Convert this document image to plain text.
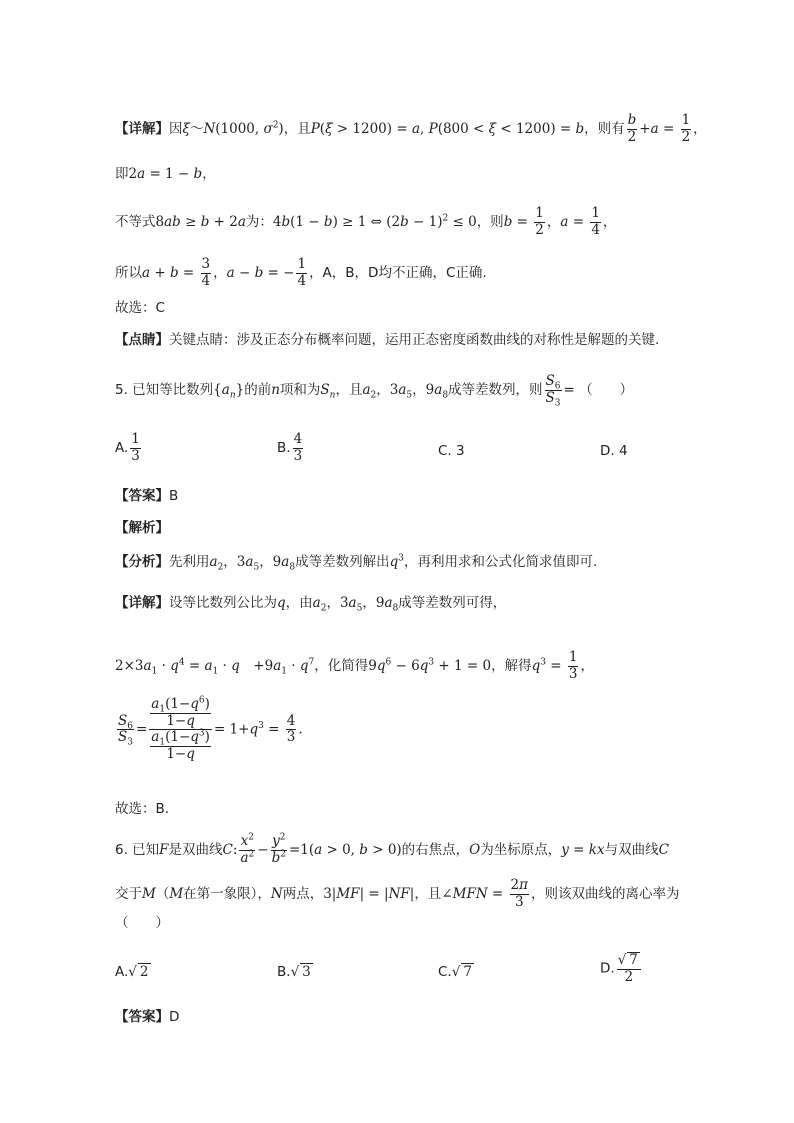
【详解】因ξ～N(1000, $\sigma^2$)，且P(ξ > 1200) = a, P(800 < ξ < 1200) = b，则有 $\frac{b}{2} +a = \frac{1}{2}$ ，
即2a = 1 − b，
不等式8ab ≥ b + 2a为：4b(1 − b) ≥ 1 ⇔ $(2b - 1)^2 \le 0$，则$b = \frac{1}{2}$ ，$a = \frac{1}{4}$ ，
所以$a + b = \frac{3}{4}$ ，a − b = − $\frac{1}{4}$ ，A，B，D均不正确，C正确.
故选：C
【点睛】关键点睛：涉及正态分布概率问题，运用正态密度函数曲线的对称性是解题的关键.
5. 已知等比数列$\{a_n\}$的前n项和为$S_n$，且$a_2$，$3a_5$，$9a_8$成等差数列，则 $\frac{S_6}{S_3}$ = （　　）
A. $\frac{1}{3}$	B. $\frac{4}{3}$	C. 3	D. 4
【答案】B
【解析】
【分析】先利用$a_2$，$3a_5$，$9a_8$成等差数列解出$q^3$，再利用求和公式化简求值即可.
【详解】设等比数列公比为q，由$a_2$，$3a_5$，$9a_8$成等差数列可得，
$2\times 3a_1 \cdot q^4 = a_1 \cdot q$　$+9a_1 \cdot q^7$，化简得$9q^6 - 6q^3 + 1 = 0$，解得$q^3 = \frac{1}{3}$ ，
$\frac{S_6}{S_3} = \frac{\frac{a_1(1-q^6)}{1-q}}{\frac{a_1(1-q^3)}{1-q}} = 1+q^3 = \frac{4}{3}$ .
故选：B.
6. 已知F是双曲线C: $\frac{x^2}{a^2} - \frac{y^2}{b^2} =1(a > 0$, b > 0)的右焦点，O为坐标原点，y = kx与双曲线C
交于M（M在第一象限），N两点，3|MF| = |NF|，且∠MFN = $\frac{2\pi}{3}$ ，则该双曲线的离心率为
（　　）
A.√ 2	B.√ 3	C.√ 7	D. $\frac{√ 7}{2}$
【答案】D
